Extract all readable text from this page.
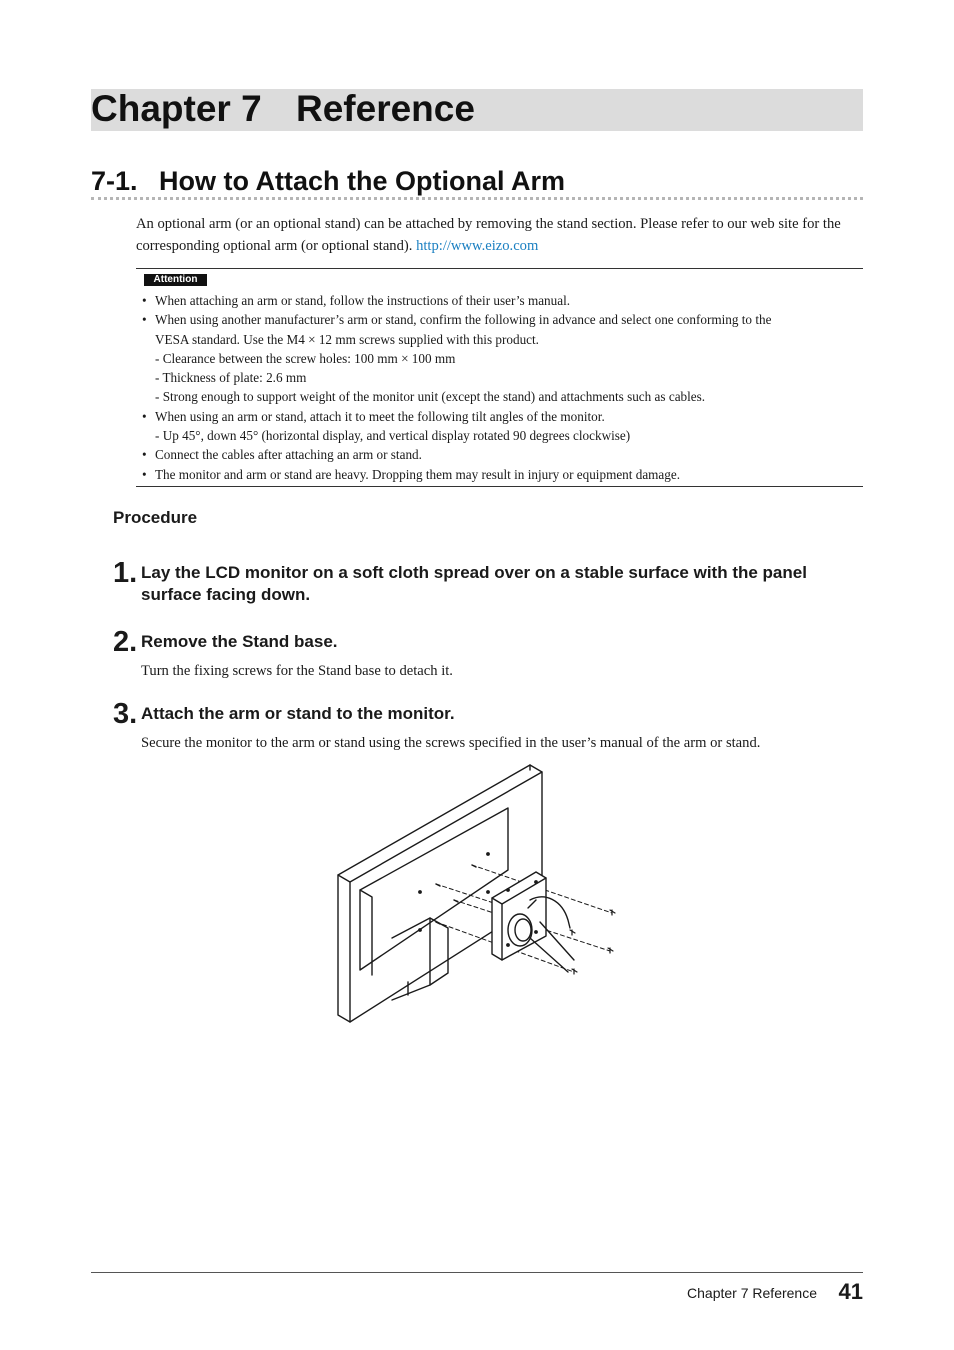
Chapter 7 Reference
7-1. How to Attach the Optional Arm
An optional arm (or an optional stand) can be attached by removing the stand section. Please refer to our web site for the corresponding optional arm (or optional stand). http://www.eizo.com
Attention
• When attaching an arm or stand, follow the instructions of their user’s manual.
• When using another manufacturer’s arm or stand, confirm the following in advance and select one conforming to the
VESA standard. Use the M4 × 12 mm screws supplied with this product.
- Clearance between the screw holes: 100 mm × 100 mm
- Thickness of plate: 2.6 mm
- Strong enough to support weight of the monitor unit (except the stand) and attachments such as cables.
• When using an arm or stand, attach it to meet the following tilt angles of the monitor.
- Up 45°, down 45° (horizontal display, and vertical display rotated 90 degrees clockwise)
• Connect the cables after attaching an arm or stand.
• The monitor and arm or stand are heavy. Dropping them may result in injury or equipment damage.
Procedure
1. Lay the LCD monitor on a soft cloth spread over on a stable surface with the panel surface facing down.
2. Remove the Stand base.
Turn the fixing screws for the Stand base to detach it.
3. Attach the arm or stand to the monitor.
Secure the monitor to the arm or stand using the screws specified in the user’s manual of the arm or stand.
Chapter 7 Reference 41
